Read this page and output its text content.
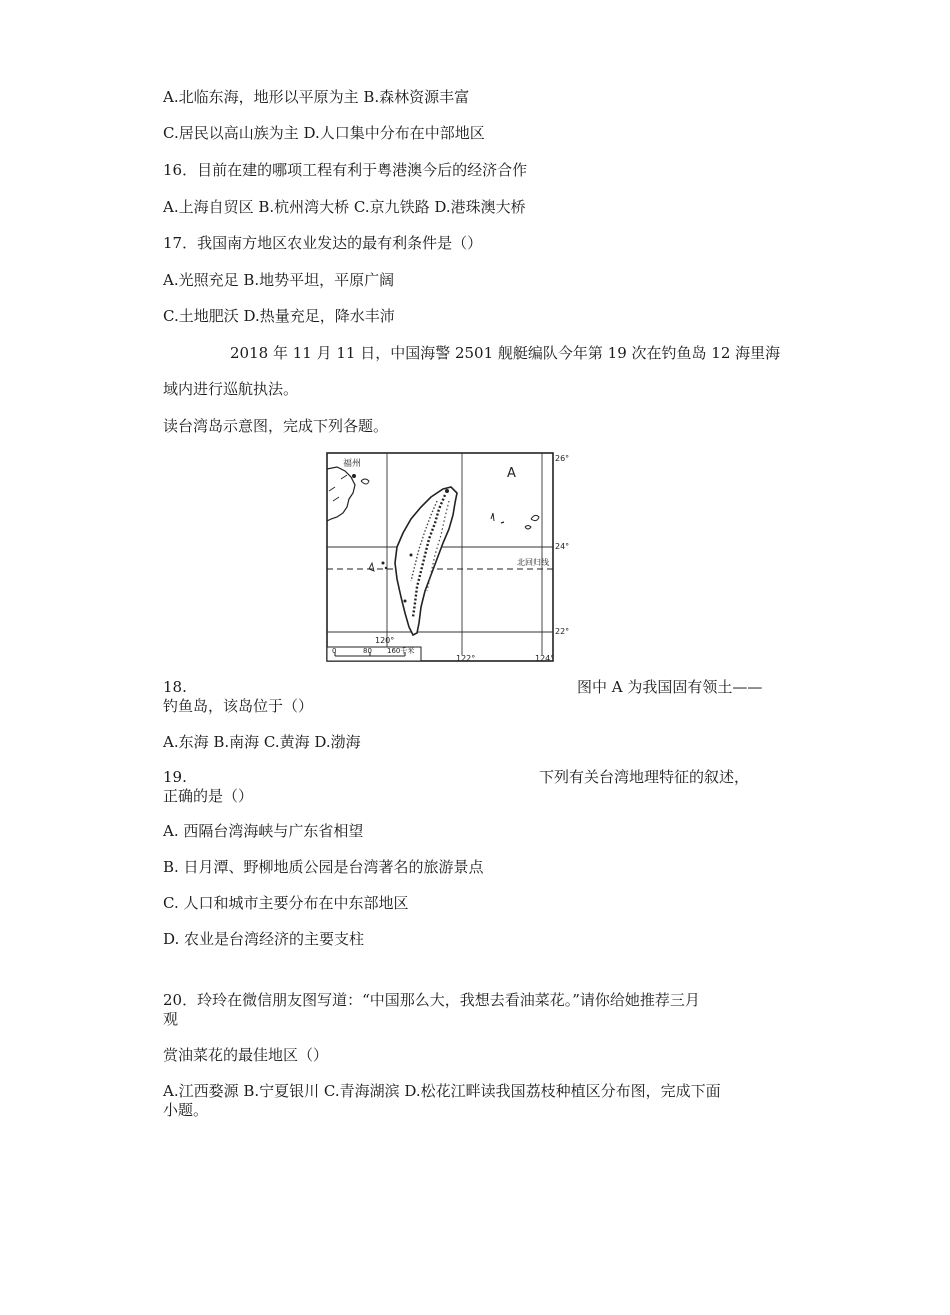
A.北临东海，地形以平原为主 B.森林资源丰富
C.居民以高山族为主 D.人口集中分布在中部地区
16．目前在建的哪项工程有利于粤港澳今后的经济合作
A.上海自贸区 B.杭州湾大桥 C.京九铁路 D.港珠澳大桥
17．我国南方地区农业发达的最有利条件是（）
A.光照充足 B.地势平坦，平原广阔
C.土地肥沃 D.热量充足，降水丰沛
2018 年 11 月 11 日，中国海警 2501 舰艇编队今年第 19 次在钓鱼岛 12 海里海
域内进行巡航执法。
读台湾岛示意图，完成下列各题。
福州
A
26°
24°
22°
北回归线
120°
122°	124°
0	80 160千米
18.	图中 A 为我国固有领土——
钓鱼岛，该岛位于（）
A.东海 B.南海 C.黄海 D.渤海
19.	下列有关台湾地理特征的叙述，
正确的是（）
A. 西隔台湾海峡与广东省相望
B. 日月潭、野柳地质公园是台湾著名的旅游景点
C. 人口和城市主要分布在中东部地区
D. 农业是台湾经济的主要支柱
20．玲玲在微信朋友图写道：“中国那么大，我想去看油菜花。”请你给她推荐三月
观
赏油菜花的最佳地区（）
A.江西婺源 B.宁夏银川 C.青海湖滨 D.松花江畔读我国荔枝种植区分布图，完成下面
小题。
